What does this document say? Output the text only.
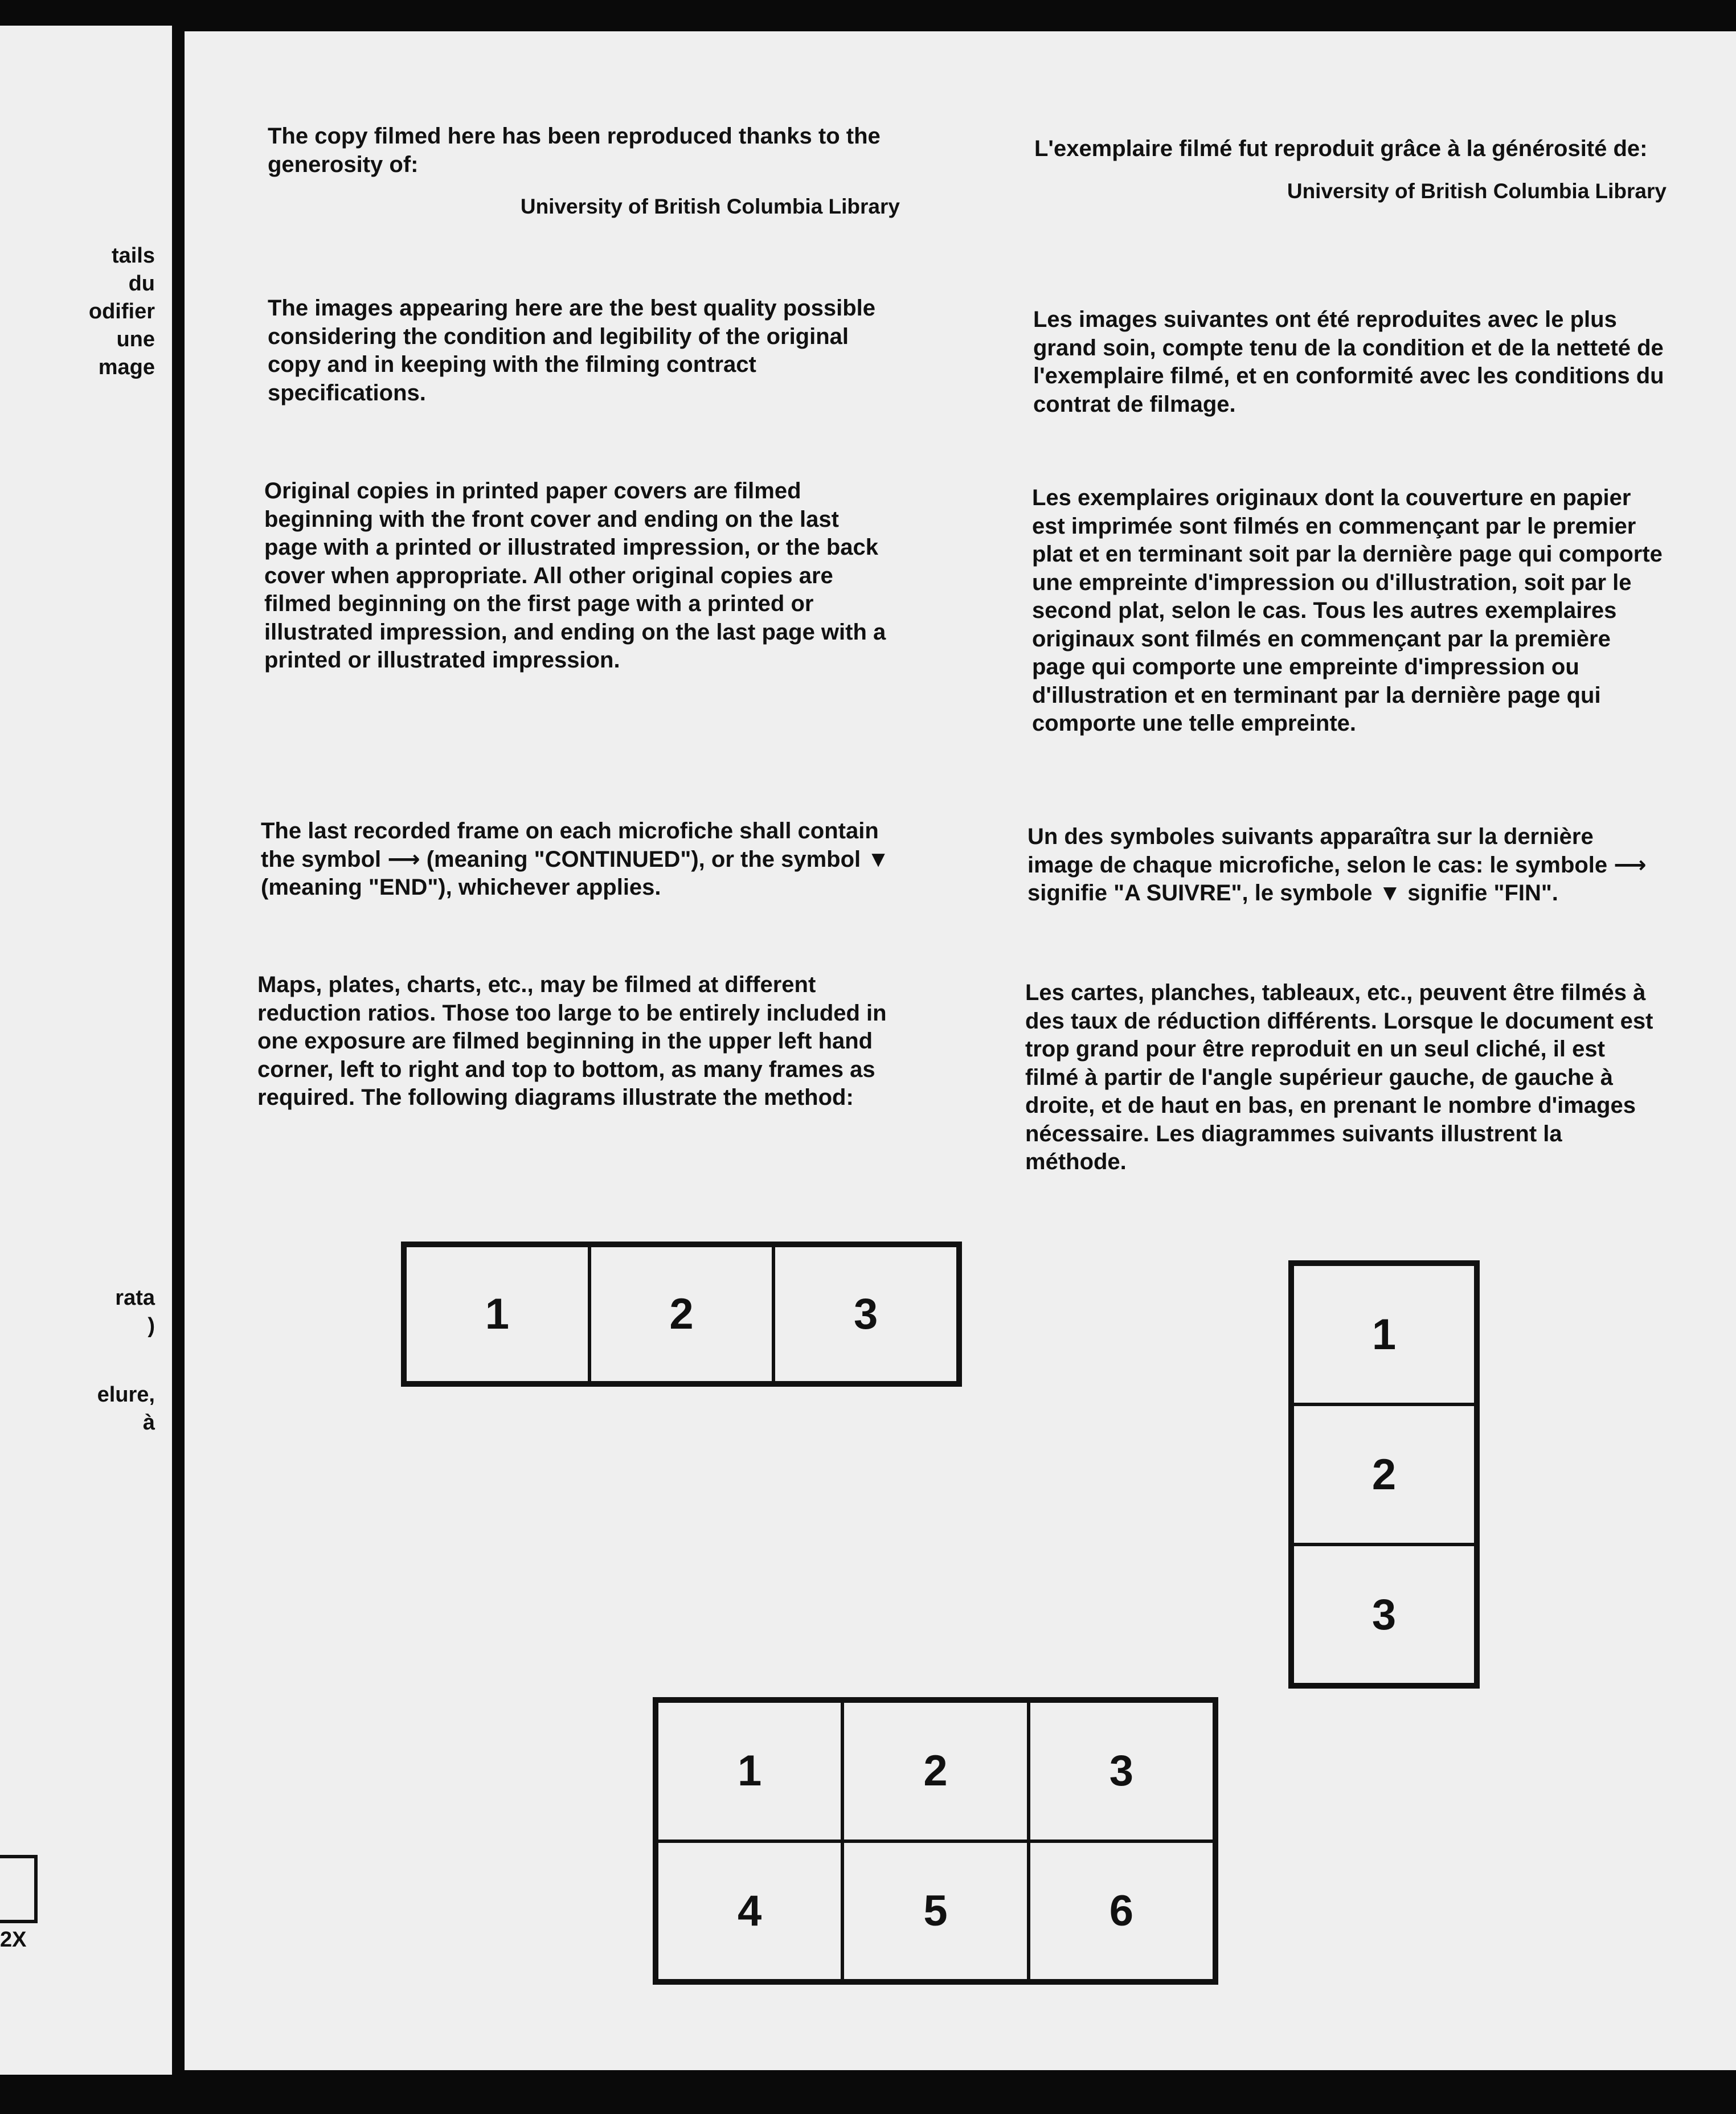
tails
du
odifier
une
mage
rata
)
elure,
à
2X

The copy filmed here has been reproduced thanks to the generosity of:

University of British Columbia Library

The images appearing here are the best quality possible considering the condition and legibility of the original copy and in keeping with the filming contract specifications.
Original copies in printed paper covers are filmed beginning with the front cover and ending on the last page with a printed or illustrated impression, or the back cover when appropriate. All other original copies are filmed beginning on the first page with a printed or illustrated impression, and ending on the last page with a printed or illustrated impression.
The last recorded frame on each microfiche shall contain the symbol ⟶ (meaning "CONTINUED"), or the symbol ▼ (meaning "END"), whichever applies.
Maps, plates, charts, etc., may be filmed at different reduction ratios. Those too large to be entirely included in one exposure are filmed beginning in the upper left hand corner, left to right and top to bottom, as many frames as required. The following diagrams illustrate the method:

L'exemplaire filmé fut reproduit grâce à la générosité de:

University of British Columbia Library

Les images suivantes ont été reproduites avec le plus grand soin, compte tenu de la condition et de la netteté de l'exemplaire filmé, et en conformité avec les conditions du contrat de filmage.
Les exemplaires originaux dont la couverture en papier est imprimée sont filmés en commençant par le premier plat et en terminant soit par la dernière page qui comporte une empreinte d'impression ou d'illustration, soit par le second plat, selon le cas. Tous les autres exemplaires originaux sont filmés en commençant par la première page qui comporte une empreinte d'impression ou d'illustration et en terminant par la dernière page qui comporte une telle empreinte.
Un des symboles suivants apparaîtra sur la dernière image de chaque microfiche, selon le cas: le symbole ⟶ signifie "A SUIVRE", le symbole ▼ signifie "FIN".
Les cartes, planches, tableaux, etc., peuvent être filmés à des taux de réduction différents. Lorsque le document est trop grand pour être reproduit en un seul cliché, il est filmé à partir de l'angle supérieur gauche, de gauche à droite, et de haut en bas, en prenant le nombre d'images nécessaire. Les diagrammes suivants illustrent la méthode.
1	2	3	1
2
3
1	2	3
4	5	6
